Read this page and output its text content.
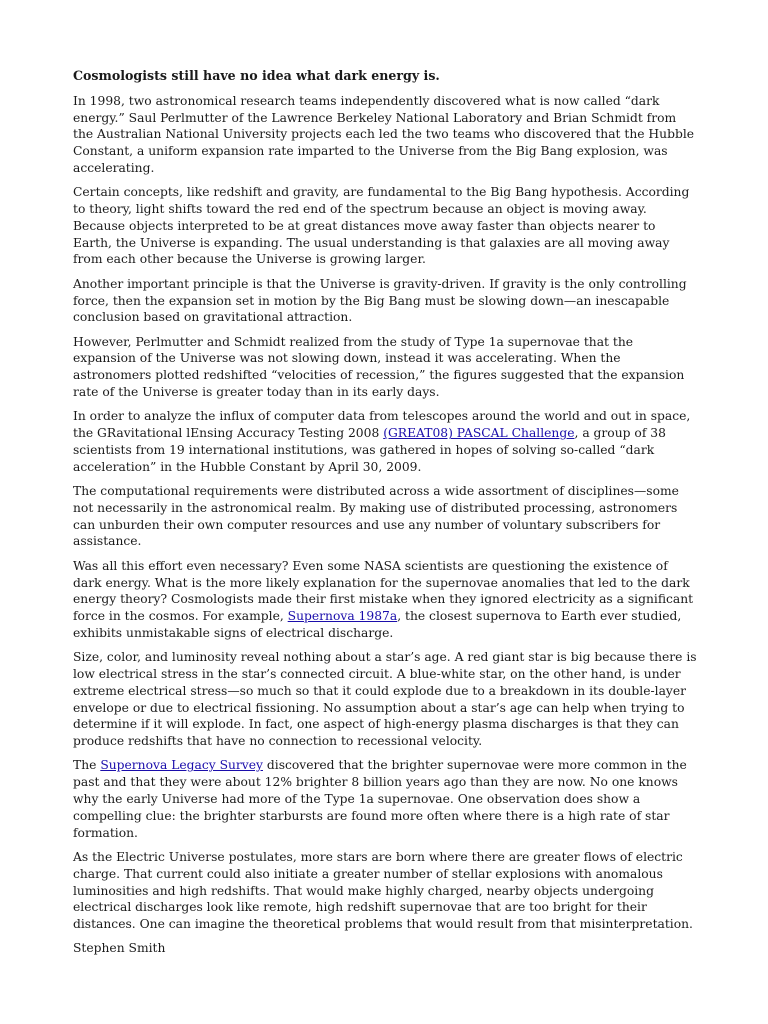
Cosmologists still have no idea what dark energy is.

In 1998, two astronomical research teams independently discovered what is now called “dark energy.” Saul Perlmutter of the Lawrence Berkeley National Laboratory and Brian Schmidt from the Australian National University projects each led the two teams who discovered that the Hubble Constant, a uniform expansion rate imparted to the Universe from the Big Bang explosion, was accelerating.

Certain concepts, like redshift and gravity, are fundamental to the Big Bang hypothesis. According to theory, light shifts toward the red end of the spectrum because an object is moving away. Because objects interpreted to be at great distances move away faster than objects nearer to Earth, the Universe is expanding. The usual understanding is that galaxies are all moving away from each other because the Universe is growing larger.

Another important principle is that the Universe is gravity-driven. If gravity is the only controlling force, then the expansion set in motion by the Big Bang must be slowing down—an inescapable conclusion based on gravitational attraction.

However, Perlmutter and Schmidt realized from the study of Type 1a supernovae that the expansion of the Universe was not slowing down, instead it was accelerating. When the astronomers plotted redshifted “velocities of recession,” the figures suggested that the expansion rate of the Universe is greater today than in its early days.

In order to analyze the influx of computer data from telescopes around the world and out in space, the GRavitational lEnsing Accuracy Testing 2008 (GREAT08) PASCAL Challenge, a group of 38 scientists from 19 international institutions, was gathered in hopes of solving so-called “dark acceleration” in the Hubble Constant by April 30, 2009.

The computational requirements were distributed across a wide assortment of disciplines—some not necessarily in the astronomical realm. By making use of distributed processing, astronomers can unburden their own computer resources and use any number of voluntary subscribers for assistance.

Was all this effort even necessary? Even some NASA scientists are questioning the existence of dark energy. What is the more likely explanation for the supernovae anomalies that led to the dark energy theory? Cosmologists made their first mistake when they ignored electricity as a significant force in the cosmos. For example, Supernova 1987a, the closest supernova to Earth ever studied, exhibits unmistakable signs of electrical discharge.

Size, color, and luminosity reveal nothing about a star’s age. A red giant star is big because there is low electrical stress in the star’s connected circuit. A blue-white star, on the other hand, is under extreme electrical stress—so much so that it could explode due to a breakdown in its double-layer envelope or due to electrical fissioning. No assumption about a star’s age can help when trying to determine if it will explode. In fact, one aspect of high-energy plasma discharges is that they can produce redshifts that have no connection to recessional velocity.

The Supernova Legacy Survey discovered that the brighter supernovae were more common in the past and that they were about 12% brighter 8 billion years ago than they are now. No one knows why the early Universe had more of the Type 1a supernovae. One observation does show a compelling clue: the brighter starbursts are found more often where there is a high rate of star formation.

As the Electric Universe postulates, more stars are born where there are greater flows of electric charge. That current could also initiate a greater number of stellar explosions with anomalous luminosities and high redshifts. That would make highly charged, nearby objects undergoing electrical discharges look like remote, high redshift supernovae that are too bright for their distances. One can imagine the theoretical problems that would result from that misinterpretation.

Stephen Smith
